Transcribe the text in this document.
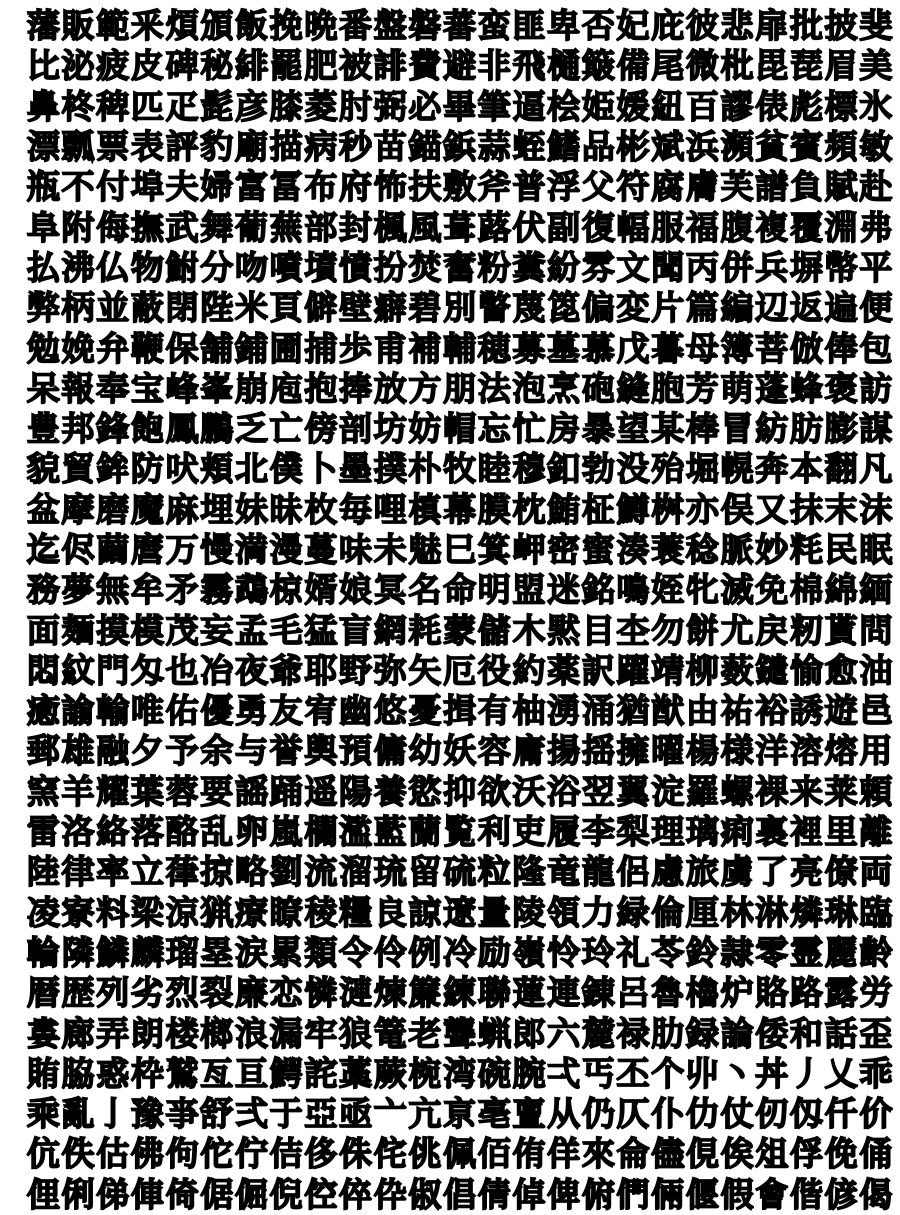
藩 販 範 釆 煩 頒 飯 挽 晩 番 盤 磐 蕃 蛮 匪 卑 否 妃 庇 彼 悲 扉 批 披 斐
比 泌 疲 皮 碑 秘 緋 罷 肥 被 誹 費 避 非 飛 樋 簸 備 尾 微 枇 毘 琵 眉 美
鼻 柊 稗 匹 疋 髭 彦 膝 菱 肘 弼 必 畢 筆 逼 桧 姫 媛 紐 百 謬 俵 彪 標 氷
漂 瓢 票 表 評 豹 廟 描 病 秒 苗 錨 鋲 蒜 蛭 鰭 品 彬 斌 浜 瀕 貧 賓 頻 敏
瓶 不 付 埠 夫 婦 富 冨 布 府 怖 扶 敷 斧 普 浮 父 符 腐 膚 芙 譜 負 賦 赴
阜 附 侮 撫 武 舞 葡 蕪 部 封 楓 風 葺 蕗 伏 副 復 幅 服 福 腹 複 覆 淵 弗
払 沸 仏 物 鮒 分 吻 噴 墳 憤 扮 焚 奮 粉 糞 紛 雰 文 聞 丙 併 兵 塀 幣 平
弊 柄 並 蔽 閉 陛 米 頁 僻 壁 癖 碧 別 瞥 蔑 箆 偏 変 片 篇 編 辺 返 遍 便
勉 娩 弁 鞭 保 舗 鋪 圃 捕 歩 甫 補 輔 穂 募 墓 慕 戊 暮 母 簿 菩 倣 俸 包
呆 報 奉 宝 峰 峯 崩 庖 抱 捧 放 方 朋 法 泡 烹 砲 縫 胞 芳 萌 蓬 蜂 褒 訪
豊 邦 鋒 飽 鳳 鵬 乏 亡 傍 剖 坊 妨 帽 忘 忙 房 暴 望 某 棒 冒 紡 肪 膨 謀
貌 貿 鉾 防 吠 頬 北 僕 卜 墨 撲 朴 牧 睦 穆 釦 勃 没 殆 堀 幌 奔 本 翻 凡
盆 摩 磨 魔 麻 埋 妹 昧 枚 毎 哩 槙 幕 膜 枕 鮪 柾 鱒 桝 亦 俣 又 抹 末 沫
迄 侭 繭 麿 万 慢 満 漫 蔓 味 未 魅 巳 箕 岬 密 蜜 湊 蓑 稔 脈 妙 粍 民 眠
務 夢 無 牟 矛 霧 鵡 椋 婿 娘 冥 名 命 明 盟 迷 銘 鳴 姪 牝 滅 免 棉 綿 緬
面 麺 摸 模 茂 妄 孟 毛 猛 盲 網 耗 蒙 儲 木 黙 目 杢 勿 餅 尤 戻 籾 貰 問
悶 紋 門 匁 也 冶 夜 爺 耶 野 弥 矢 厄 役 約 薬 訳 躍 靖 柳 薮 鑓 愉 愈 油
癒 諭 輸 唯 佑 優 勇 友 宥 幽 悠 憂 揖 有 柚 湧 涌 猶 猷 由 祐 裕 誘 遊 邑
郵 雄 融 夕 予 余 与 誉 輿 預 傭 幼 妖 容 庸 揚 揺 擁 曜 楊 様 洋 溶 熔 用
窯 羊 耀 葉 蓉 要 謡 踊 遥 陽 養 慾 抑 欲 沃 浴 翌 翼 淀 羅 螺 裸 来 莱 頼
雷 洛 絡 落 酪 乱 卵 嵐 欄 濫 藍 蘭 覧 利 吏 履 李 梨 理 璃 痢 裏 裡 里 離
陸 律 率 立 葎 掠 略 劉 流 溜 琉 留 硫 粒 隆 竜 龍 侶 慮 旅 虜 了 亮 僚 両
凌 寮 料 梁 涼 猟 療 瞭 稜 糧 良 諒 遼 量 陵 領 力 緑 倫 厘 林 淋 燐 琳 臨
輪 隣 鱗 麟 瑠 塁 涙 累 類 令 伶 例 冷 励 嶺 怜 玲 礼 苓 鈴 隷 零 霊 麗 齢
暦 歴 列 劣 烈 裂 廉 恋 憐 漣 煉 簾 練 聯 蓮 連 錬 呂 魯 櫓 炉 賂 路 露 労
婁 廊 弄 朗 楼 榔 浪 漏 牢 狼 篭 老 聾 蝋 郎 六 麓 禄 肋 録 論 倭 和 話 歪
賄 脇 惑 枠 鷲 亙 亘 鰐 詫 藁 蕨 椀 湾 碗 腕 弌 丐 丕 个 丱 丶 丼 丿 乂 乖
乘 亂 亅 豫 亊 舒 弍 于 亞 亟 亠 亢 亰 亳 亶 从 仍 仄 仆 仂 仗 仞 仭 仟 价
伉 佚 估 佛 佝 佗 佇 佶 侈 侏 侘 佻 佩 佰 侑 佯 來 侖 儘 俔 俟 俎 俘 俛 俑
俚 俐 俤 俥 倚 倨 倔 倪 倥 倅 伜 俶 倡 倩 倬 俾 俯 們 倆 偃 假 會 偕 偐 偈
